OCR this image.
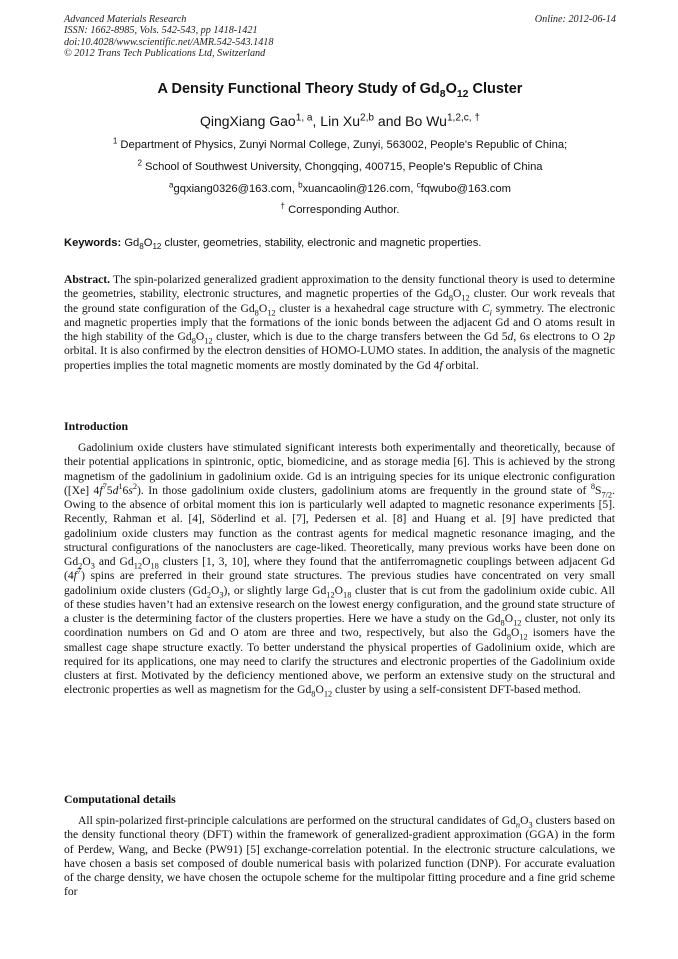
Advanced Materials Research
ISSN: 1662-8985, Vols. 542-543, pp 1418-1421
doi:10.4028/www.scientific.net/AMR.542-543.1418
© 2012 Trans Tech Publications Ltd, Switzerland
Online: 2012-06-14
A Density Functional Theory Study of $Gd_8O_{12}$ Cluster
QingXiang Gao$^{1, a}$, Lin Xu$^{2,b}$ and Bo $Wu^{1,2,c, \dagger}$
$^1$ Department of Physics, Zunyi Normal College, Zunyi, 563002, People's Republic of China;
$^2$ School of Southwest University, Chongqing, 400715, People's Republic of China
$^a$gqxiang0326@163.com, $^b$xuancaolin@126.com, $^c$fqwubo@163.com
† Corresponding Author.
Keywords: $Gd_8O_{12}$ cluster, geometries, stability, electronic and magnetic properties.
Abstract. The spin-polarized generalized gradient approximation to the density functional theory is used to determine the geometries, stability, electronic structures, and magnetic properties of the $Gd_8O_{12}$ cluster. Our work reveals that the ground state configuration of the $Gd_8O_{12}$ cluster is a hexahedral cage structure with $C_i$ symmetry. The electronic and magnetic properties imply that the formations of the ionic bonds between the adjacent Gd and O atoms result in the high stability of the $Gd_8O_{12}$ cluster, which is due to the charge transfers between the Gd 5d, 6s electrons to O 2p orbital. It is also confirmed by the electron densities of HOMO-LUMO states. In addition, the analysis of the magnetic properties implies the total magnetic moments are mostly dominated by the Gd 4f orbital.
Introduction
Gadolinium oxide clusters have stimulated significant interests both experimentally and theoretically, because of their potential applications in spintronic, optic, biomedicine, and as storage media [6]. This is achieved by the strong magnetism of the gadolinium in gadolinium oxide. Gd is an intriguing species for its unique electronic configuration ([Xe] $4f^75d^16s^2$). In those gadolinium oxide clusters, gadolinium atoms are frequently in the ground state of $^8S_{7/2}$. Owing to the absence of orbital moment this ion is particularly well adapted to magnetic resonance experiments [5]. Recently, Rahman et al. [4], Söderlind et al. [7], Pedersen et al. [8] and Huang et al. [9] have predicted that gadolinium oxide clusters may function as the contrast agents for medical magnetic resonance imaging, and the structural configurations of the nanoclusters are cage-liked. Theoretically, many previous works have been done on $Gd_2O_3$ and $Gd_{12}O_{18}$ clusters [1, 3, 10], where they found that the antiferromagnetic couplings between adjacent Gd $(4f^7)$ spins are preferred in their ground state structures. The previous studies have concentrated on very small gadolinium oxide clusters $(Gd_2O_3)$, or slightly large $Gd_{12}O_{18}$ cluster that is cut from the gadolinium oxide cubic. All of these studies haven’t had an extensive research on the lowest energy configuration, and the ground state structure of a cluster is the determining factor of the clusters properties. Here we have a study on the $Gd_8O_{12}$ cluster, not only its coordination numbers on Gd and O atom are three and two, respectively, but also the $Gd_8O_{12}$ isomers have the smallest cage shape structure exactly. To better understand the physical properties of Gadolinium oxide, which are required for its applications, one may need to clarify the structures and electronic properties of the Gadolinium oxide clusters at first. Motivated by the deficiency mentioned above, we perform an extensive study on the structural and electronic properties as well as magnetism for the $Gd_8O_{12}$ cluster by using a self-consistent DFT-based method.
Computational details
All spin-polarized first-principle calculations are performed on the structural candidates of $Gd_nO_3$ clusters based on the density functional theory (DFT) within the framework of generalized-gradient approximation (GGA) in the form of Perdew, Wang, and Becke (PW91) [5] exchange-correlation potential. In the electronic structure calculations, we have chosen a basis set composed of double numerical basis with polarized function (DNP). For accurate evaluation of the charge density, we have chosen the octupole scheme for the multipolar fitting procedure and a fine grid scheme for
